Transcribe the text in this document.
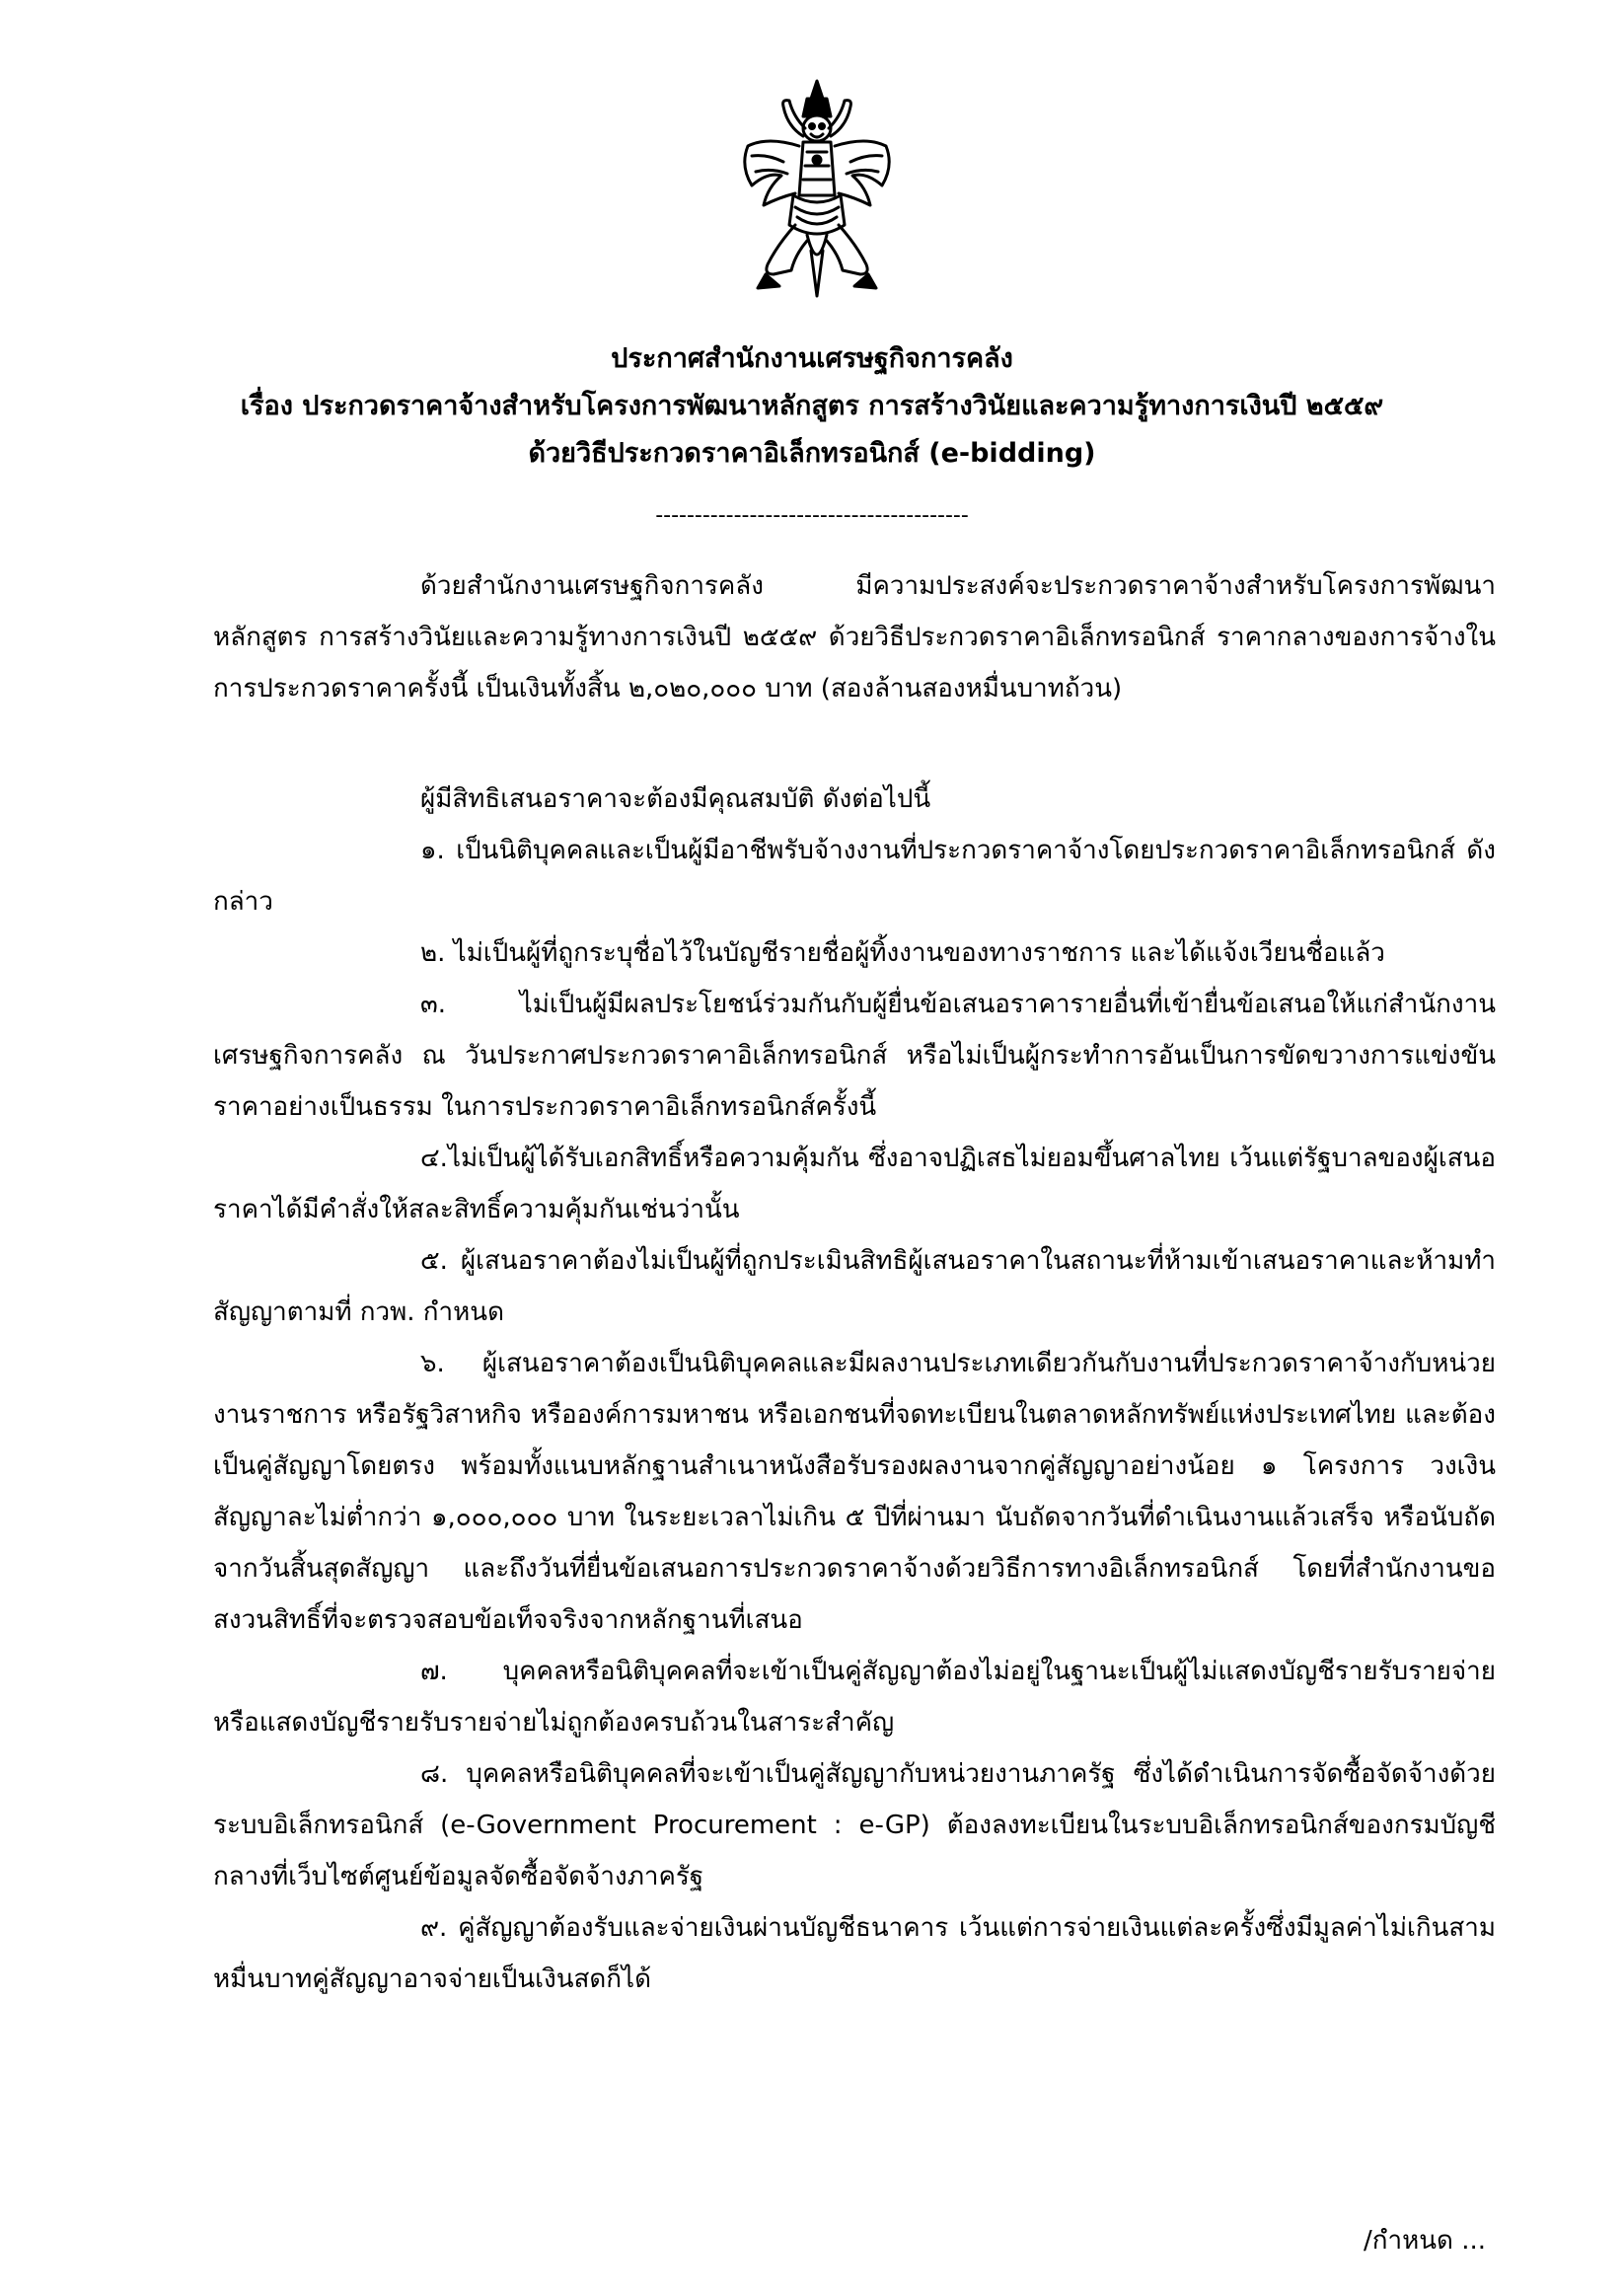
ประกาศสำนักงานเศรษฐกิจการคลัง
เรื่อง ประกวดราคาจ้างสำหรับโครงการพัฒนาหลักสูตร การสร้างวินัยและความรู้ทางการเงินปี ๒๕๕๙
ด้วยวิธีประกวดราคาอิเล็กทรอนิกส์ (e-bidding)
----------------------------------------

ด้วยสำนักงานเศรษฐกิจการคลัง มีความประสงค์จะประกวดราคาจ้างสำหรับโครงการพัฒนาหลักสูตร การสร้างวินัยและความรู้ทางการเงินปี ๒๕๕๙ ด้วยวิธีประกวดราคาอิเล็กทรอนิกส์ ราคากลางของการจ้างในการประกวดราคาครั้งนี้ เป็นเงินทั้งสิ้น ๒,๐๒๐,๐๐๐ บาท (สองล้านสองหมื่นบาทถ้วน)

ผู้มีสิทธิเสนอราคาจะต้องมีคุณสมบัติ ดังต่อไปนี้

๑. เป็นนิติบุคคลและเป็นผู้มีอาชีพรับจ้างงานที่ประกวดราคาจ้างโดยประกวดราคาอิเล็กทรอนิกส์ ดังกล่าว

๒. ไม่เป็นผู้ที่ถูกระบุชื่อไว้ในบัญชีรายชื่อผู้ทิ้งงานของทางราชการ และได้แจ้งเวียนชื่อแล้ว

๓. ไม่เป็นผู้มีผลประโยชน์ร่วมกันกับผู้ยื่นข้อเสนอราคารายอื่นที่เข้ายื่นข้อเสนอให้แก่สำนักงานเศรษฐกิจการคลัง ณ วันประกาศประกวดราคาอิเล็กทรอนิกส์ หรือไม่เป็นผู้กระทำการอันเป็นการขัดขวางการแข่งขันราคาอย่างเป็นธรรม ในการประกวดราคาอิเล็กทรอนิกส์ครั้งนี้

๔.ไม่เป็นผู้ได้รับเอกสิทธิ์หรือความคุ้มกัน ซึ่งอาจปฏิเสธไม่ยอมขึ้นศาลไทย เว้นแต่รัฐบาลของผู้เสนอราคาได้มีคำสั่งให้สละสิทธิ์ความคุ้มกันเช่นว่านั้น

๕. ผู้เสนอราคาต้องไม่เป็นผู้ที่ถูกประเมินสิทธิผู้เสนอราคาในสถานะที่ห้ามเข้าเสนอราคาและห้ามทำสัญญาตามที่ กวพ. กำหนด

๖. ผู้เสนอราคาต้องเป็นนิติบุคคลและมีผลงานประเภทเดียวกันกับงานที่ประกวดราคาจ้างกับหน่วยงานราชการ หรือรัฐวิสาหกิจ หรือองค์การมหาชน หรือเอกชนที่จดทะเบียนในตลาดหลักทรัพย์แห่งประเทศไทย และต้องเป็นคู่สัญญาโดยตรง พร้อมทั้งแนบหลักฐานสำเนาหนังสือรับรองผลงานจากคู่สัญญาอย่างน้อย ๑ โครงการ วงเงินสัญญาละไม่ต่ำกว่า ๑,๐๐๐,๐๐๐ บาท ในระยะเวลาไม่เกิน ๕ ปีที่ผ่านมา นับถัดจากวันที่ดำเนินงานแล้วเสร็จ หรือนับถัดจากวันสิ้นสุดสัญญา และถึงวันที่ยื่นข้อเสนอการประกวดราคาจ้างด้วยวิธีการทางอิเล็กทรอนิกส์ โดยที่สำนักงานขอสงวนสิทธิ์ที่จะตรวจสอบข้อเท็จจริงจากหลักฐานที่เสนอ

๗. บุคคลหรือนิติบุคคลที่จะเข้าเป็นคู่สัญญาต้องไม่อยู่ในฐานะเป็นผู้ไม่แสดงบัญชีรายรับรายจ่าย หรือแสดงบัญชีรายรับรายจ่ายไม่ถูกต้องครบถ้วนในสาระสำคัญ

๘. บุคคลหรือนิติบุคคลที่จะเข้าเป็นคู่สัญญากับหน่วยงานภาครัฐ ซึ่งได้ดำเนินการจัดซื้อจัดจ้างด้วยระบบอิเล็กทรอนิกส์ (e-Government Procurement : e-GP) ต้องลงทะเบียนในระบบอิเล็กทรอนิกส์ของกรมบัญชีกลางที่เว็บไซต์ศูนย์ข้อมูลจัดซื้อจัดจ้างภาครัฐ

๙. คู่สัญญาต้องรับและจ่ายเงินผ่านบัญชีธนาคาร เว้นแต่การจ่ายเงินแต่ละครั้งซึ่งมีมูลค่าไม่เกินสามหมื่นบาทคู่สัญญาอาจจ่ายเป็นเงินสดก็ได้

/กำหนด ...
